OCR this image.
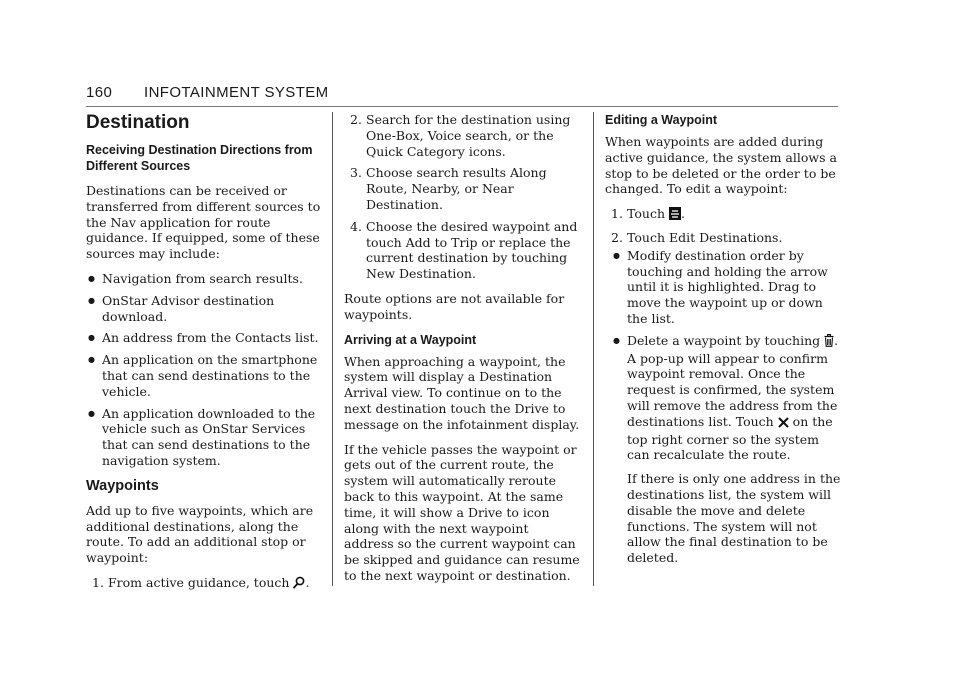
160 INFOTAINMENT SYSTEM
Destination
Receiving Destination Directions from Different Sources

Destinations can be received or transferred from different sources to the Nav application for route guidance. If equipped, some of these sources may include:

● Navigation from search results.
● OnStar Advisor destination download.
● An address from the Contacts list.
● An application on the smartphone that can send destinations to the vehicle.
● An application downloaded to the vehicle such as OnStar Services that can send destinations to the navigation system.
Waypoints

Add up to five waypoints, which are additional destinations, along the route. To add an additional stop or waypoint:

1. From active guidance, touch .
2. Search for the destination using One-Box, Voice search, or the Quick Category icons.
3. Choose search results Along Route, Nearby, or Near Destination.
4. Choose the desired waypoint and touch Add to Trip or replace the current destination by touching New Destination.

Route options are not available for waypoints.

Arriving at a Waypoint

When approaching a waypoint, the system will display a Destination Arrival view. To continue on to the next destination touch the Drive to message on the infotainment display.

If the vehicle passes the waypoint or gets out of the current route, the system will automatically reroute back to this waypoint. At the same time, it will show a Drive to icon along with the next waypoint address so the current waypoint can be skipped and guidance can resume to the next waypoint or destination.

Editing a Waypoint

When waypoints are added during active guidance, the system allows a stop to be deleted or the order to be changed. To edit a waypoint:

1. Touch .
2. Touch Edit Destinations.
● Modify destination order by touching and holding the arrow until it is highlighted. Drag to move the waypoint up or down the list.
● Delete a waypoint by touching . A pop-up will appear to confirm waypoint removal. Once the request is confirmed, the system will remove the address from the destinations list. Touch on the top right corner so the system can recalculate the route.
If there is only one address in the destinations list, the system will disable the move and delete functions. The system will not allow the final destination to be deleted.
